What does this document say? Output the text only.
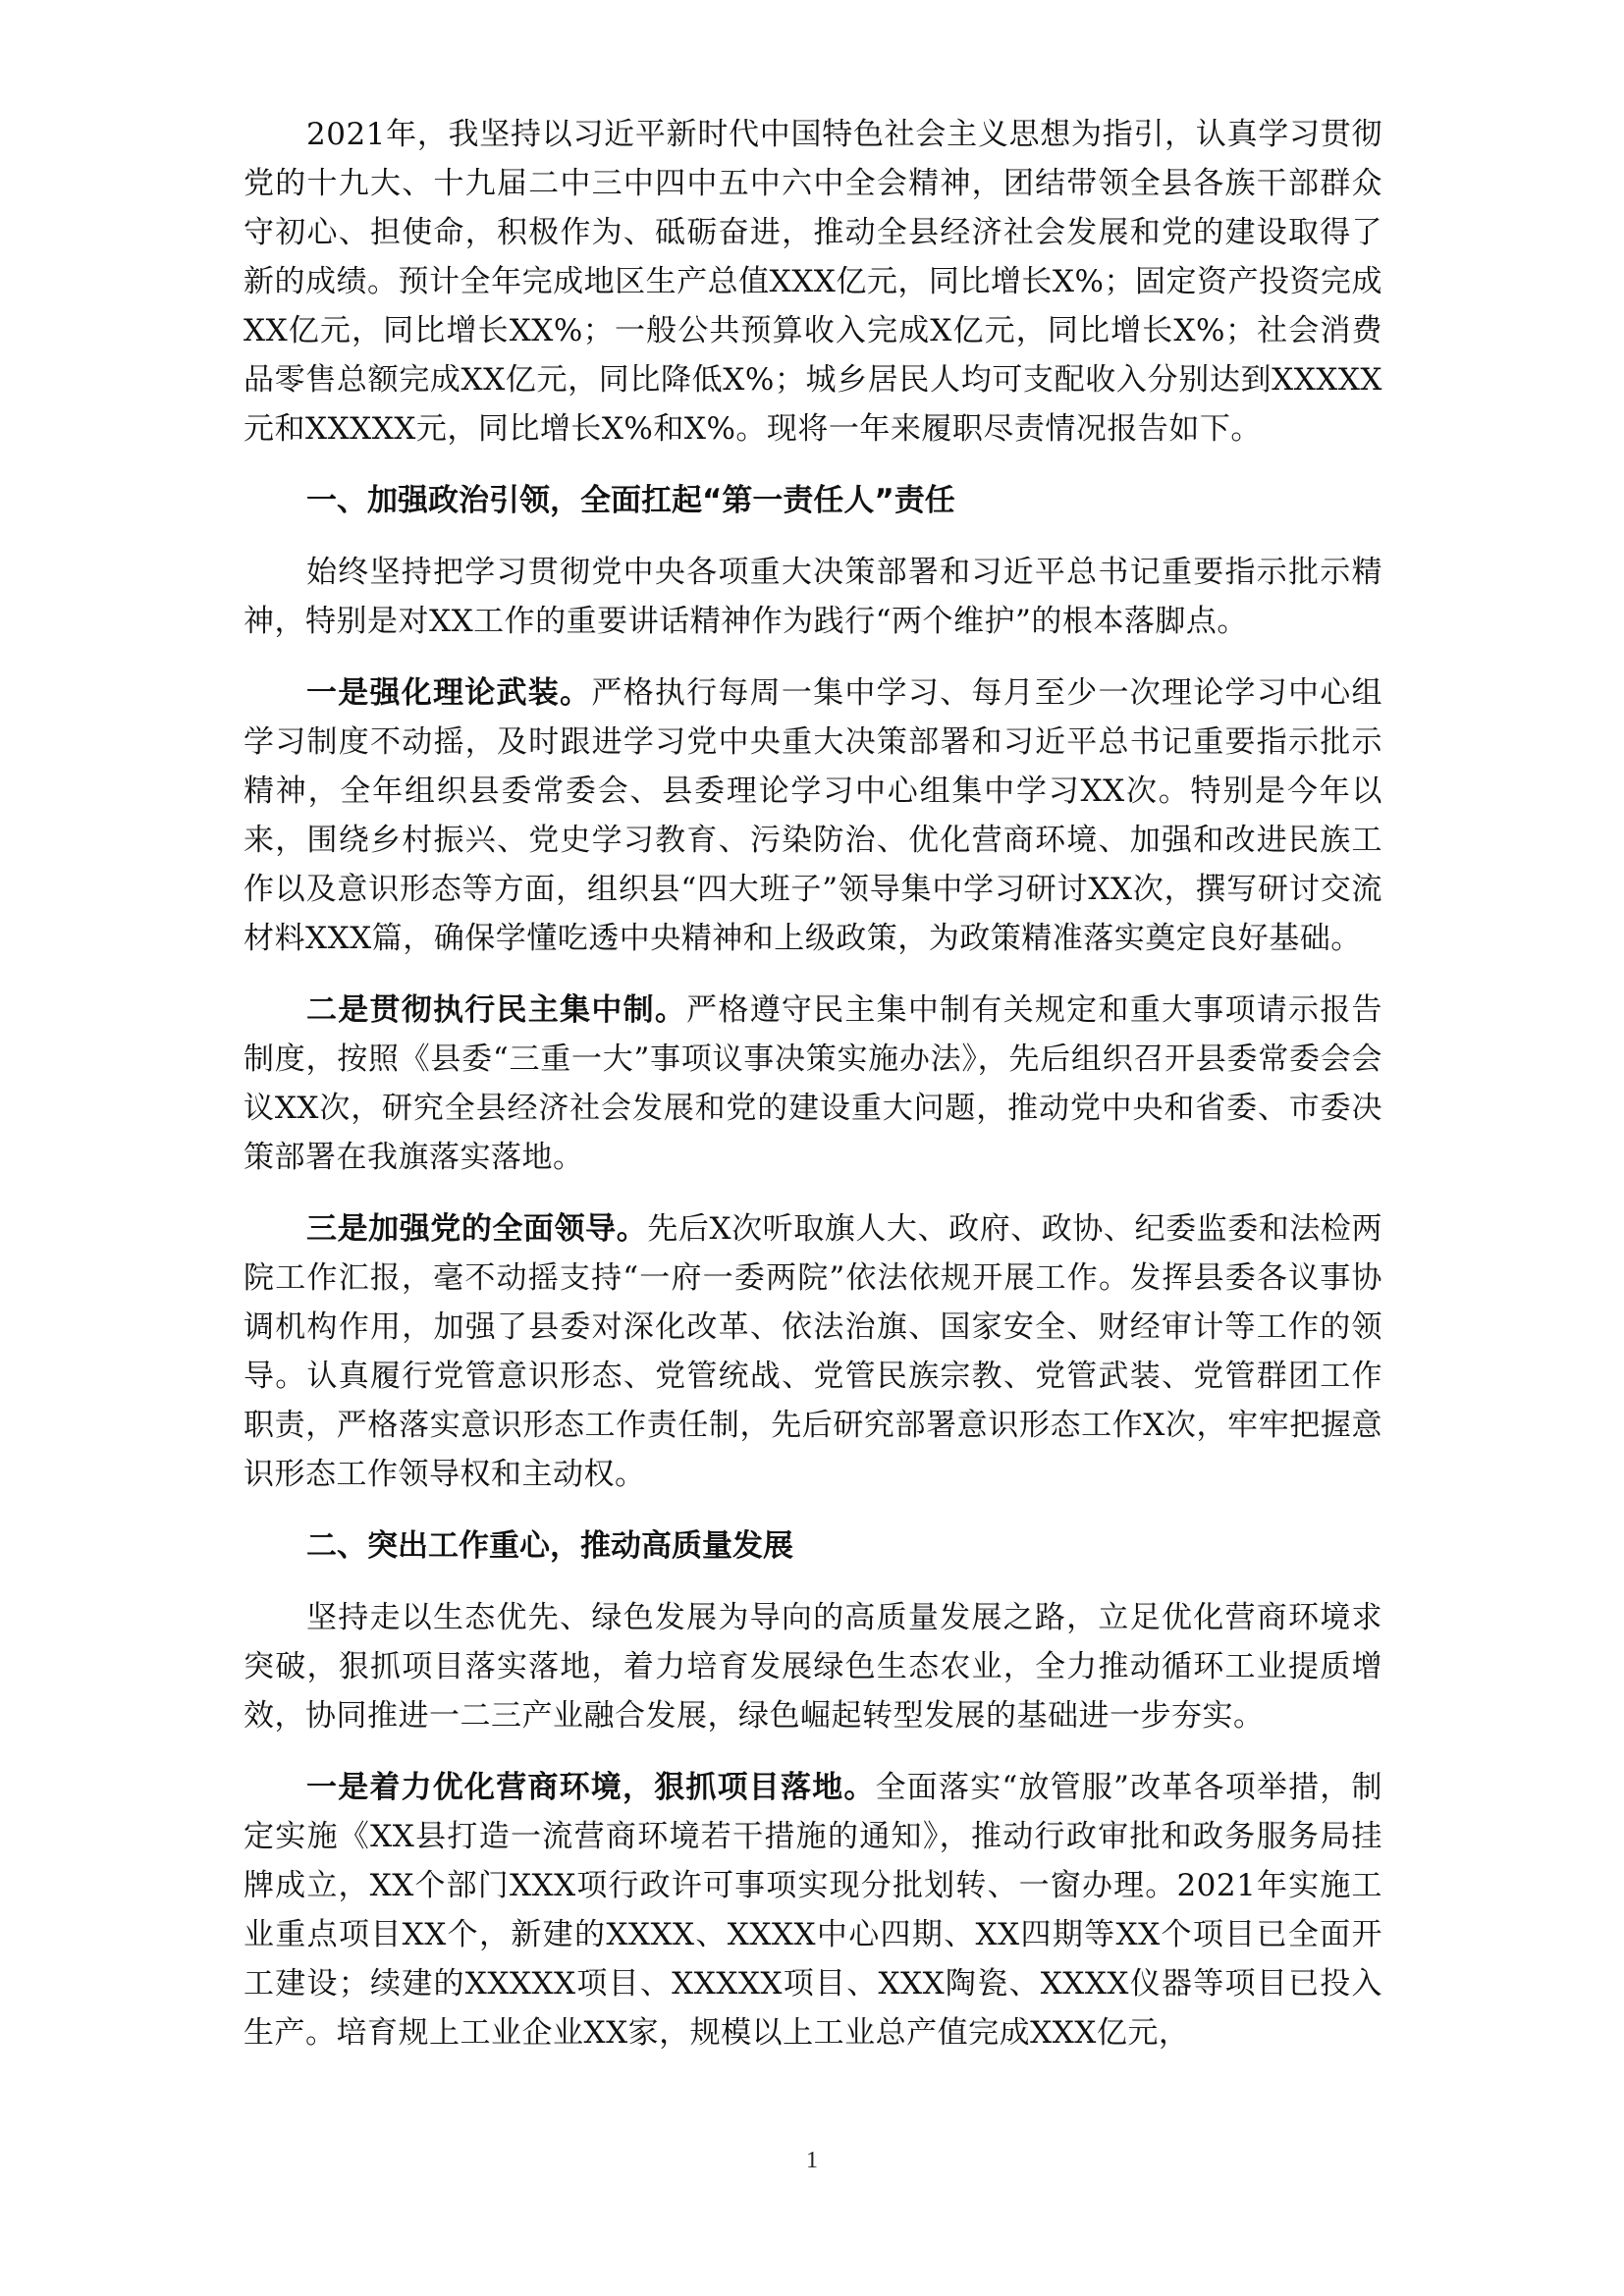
2021年，我坚持以习近平新时代中国特色社会主义思想为指引，认真学习贯彻党的十九大、十九届二中三中四中五中六中全会精神，团结带领全县各族干部群众守初心、担使命，积极作为、砥砺奋进，推动全县经济社会发展和党的建设取得了新的成绩。预计全年完成地区生产总值XXX亿元，同比增长X%；固定资产投资完成XX亿元，同比增长XX%；一般公共预算收入完成X亿元，同比增长X%；社会消费品零售总额完成XX亿元，同比降低X%；城乡居民人均可支配收入分别达到XXXXX元和XXXXX元，同比增长X%和X%。现将一年来履职尽责情况报告如下。

一、加强政治引领，全面扛起“第一责任人”责任

始终坚持把学习贯彻党中央各项重大决策部署和习近平总书记重要指示批示精神，特别是对XX工作的重要讲话精神作为践行“两个维护”的根本落脚点。

一是强化理论武装。严格执行每周一集中学习、每月至少一次理论学习中心组学习制度不动摇，及时跟进学习党中央重大决策部署和习近平总书记重要指示批示精神，全年组织县委常委会、县委理论学习中心组集中学习XX次。特别是今年以来，围绕乡村振兴、党史学习教育、污染防治、优化营商环境、加强和改进民族工作以及意识形态等方面，组织县“四大班子”领导集中学习研讨XX次，撰写研讨交流材料XXX篇，确保学懂吃透中央精神和上级政策，为政策精准落实奠定良好基础。

二是贯彻执行民主集中制。严格遵守民主集中制有关规定和重大事项请示报告制度，按照《县委“三重一大”事项议事决策实施办法》，先后组织召开县委常委会会议XX次，研究全县经济社会发展和党的建设重大问题，推动党中央和省委、市委决策部署在我旗落实落地。

三是加强党的全面领导。先后X次听取旗人大、政府、政协、纪委监委和法检两院工作汇报，毫不动摇支持“一府一委两院”依法依规开展工作。发挥县委各议事协调机构作用，加强了县委对深化改革、依法治旗、国家安全、财经审计等工作的领导。认真履行党管意识形态、党管统战、党管民族宗教、党管武装、党管群团工作职责，严格落实意识形态工作责任制，先后研究部署意识形态工作X次，牢牢把握意识形态工作领导权和主动权。

二、突出工作重心，推动高质量发展

坚持走以生态优先、绿色发展为导向的高质量发展之路，立足优化营商环境求突破，狠抓项目落实落地，着力培育发展绿色生态农业，全力推动循环工业提质增效，协同推进一二三产业融合发展，绿色崛起转型发展的基础进一步夯实。

一是着力优化营商环境，狠抓项目落地。全面落实“放管服”改革各项举措，制定实施《XX县打造一流营商环境若干措施的通知》，推动行政审批和政务服务局挂牌成立，XX个部门XXX项行政许可事项实现分批划转、一窗办理。2021年实施工业重点项目XX个，新建的XXXX、XXXX中心四期、XX四期等XX个项目已全面开工建设；续建的XXXXX项目、XXXXX项目、XXX陶瓷、XXXX仪器等项目已投入生产。培育规上工业企业XX家，规模以上工业总产值完成XXX亿元，

1
